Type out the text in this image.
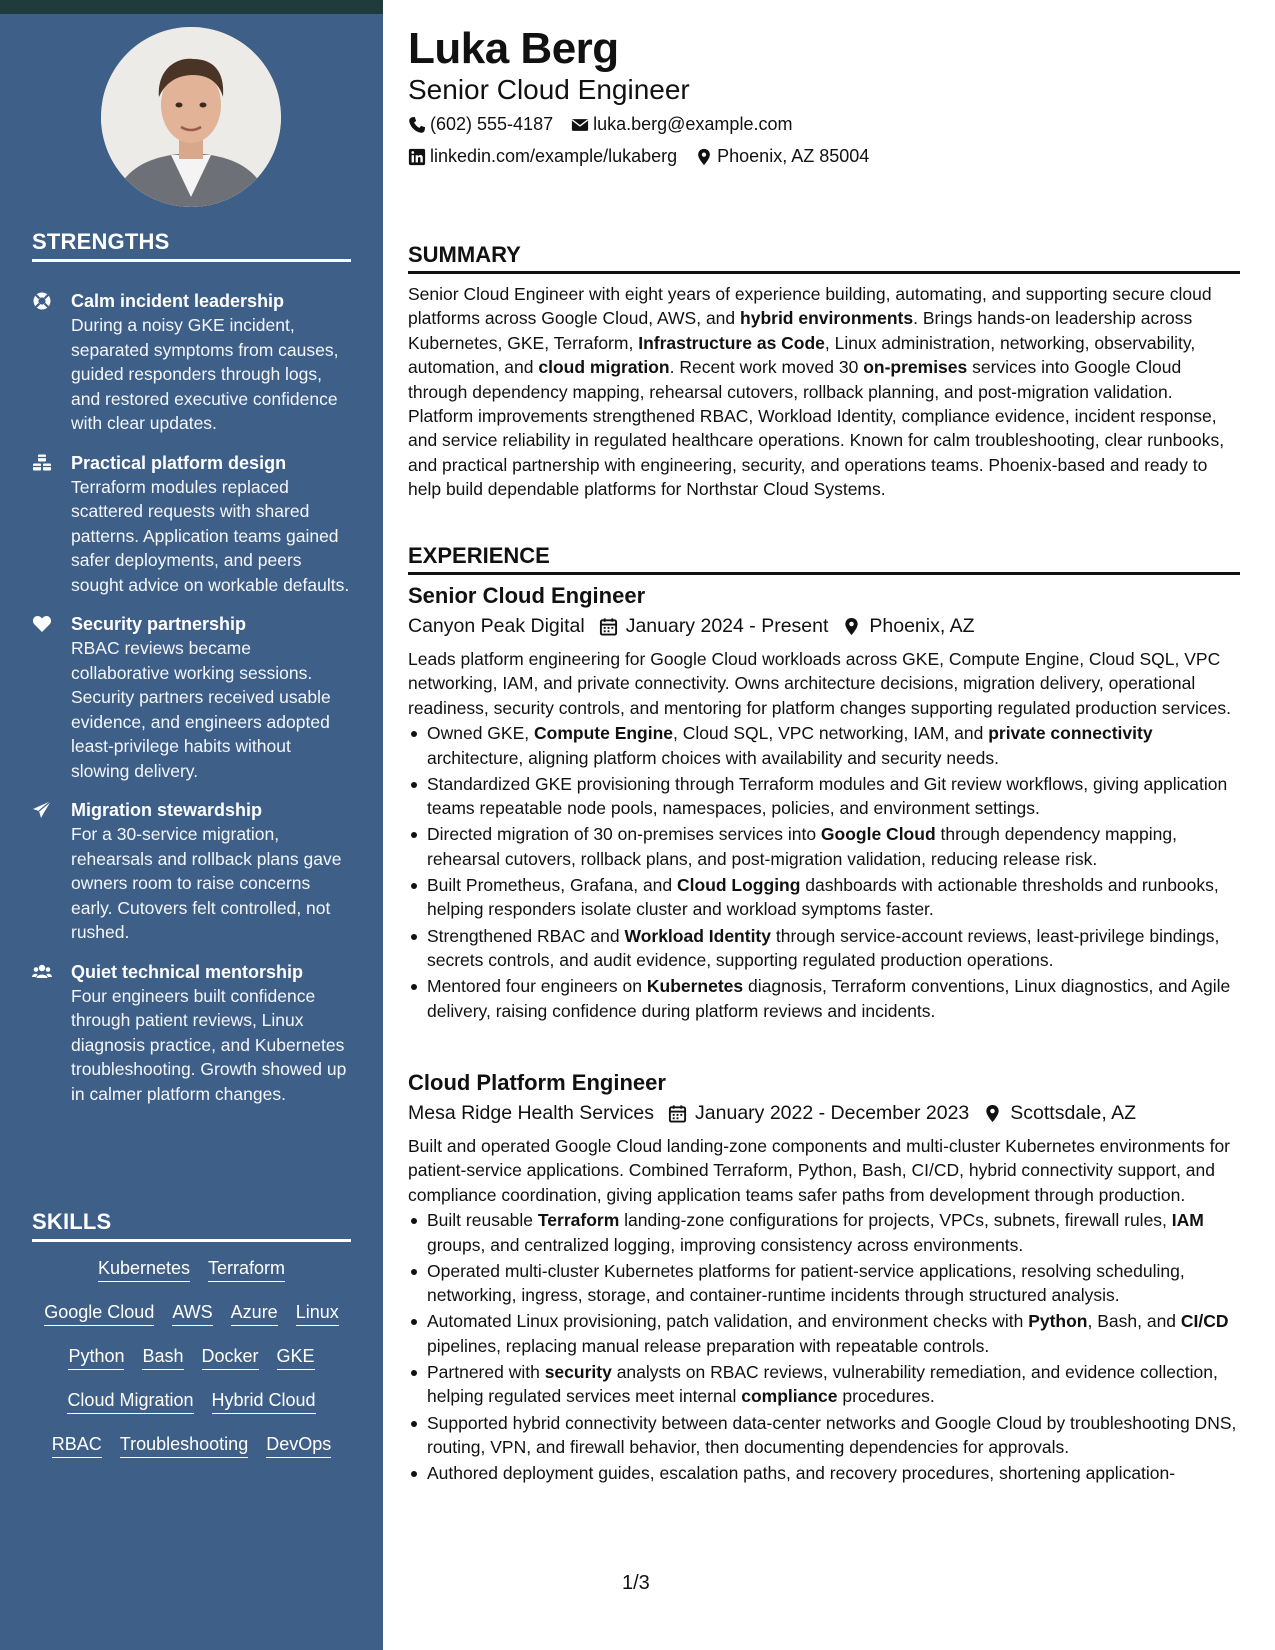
STRENGTHS
Calm incident leadership
During a noisy GKE incident, separated symptoms from causes, guided responders through logs, and restored executive confidence with clear updates.
Practical platform design
Terraform modules replaced scattered requests with shared patterns. Application teams gained safer deployments, and peers sought advice on workable defaults.
Security partnership
RBAC reviews became collaborative working sessions. Security partners received usable evidence, and engineers adopted least-privilege habits without slowing delivery.
Migration stewardship
For a 30-service migration, rehearsals and rollback plans gave owners room to raise concerns early. Cutovers felt controlled, not rushed.
Quiet technical mentorship
Four engineers built confidence through patient reviews, Linux diagnosis practice, and Kubernetes troubleshooting. Growth showed up in calmer platform changes.
SKILLS
Kubernetes Terraform
Google Cloud AWS Azure Linux
Python Bash Docker GKE
Cloud Migration Hybrid Cloud
RBAC Troubleshooting DevOps
Luka Berg
Senior Cloud Engineer
(602) 555-4187 luka.berg@example.com
linkedin.com/example/lukaberg Phoenix, AZ 85004
SUMMARY
Senior Cloud Engineer with eight years of experience building, automating, and supporting secure cloud platforms across Google Cloud, AWS, and hybrid environments. Brings hands-on leadership across Kubernetes, GKE, Terraform, Infrastructure as Code, Linux administration, networking, observability, automation, and cloud migration. Recent work moved 30 on-premises services into Google Cloud through dependency mapping, rehearsal cutovers, rollback planning, and post-migration validation. Platform improvements strengthened RBAC, Workload Identity, compliance evidence, incident response, and service reliability in regulated healthcare operations. Known for calm troubleshooting, clear runbooks, and practical partnership with engineering, security, and operations teams. Phoenix-based and ready to help build dependable platforms for Northstar Cloud Systems.
EXPERIENCE
Senior Cloud Engineer
Canyon Peak Digital January 2024 - Present Phoenix, AZ
Leads platform engineering for Google Cloud workloads across GKE, Compute Engine, Cloud SQL, VPC networking, IAM, and private connectivity. Owns architecture decisions, migration delivery, operational readiness, security controls, and mentoring for platform changes supporting regulated production services.
Owned GKE, Compute Engine, Cloud SQL, VPC networking, IAM, and private connectivity architecture, aligning platform choices with availability and security needs.
Standardized GKE provisioning through Terraform modules and Git review workflows, giving application teams repeatable node pools, namespaces, policies, and environment settings.
Directed migration of 30 on-premises services into Google Cloud through dependency mapping, rehearsal cutovers, rollback plans, and post-migration validation, reducing release risk.
Built Prometheus, Grafana, and Cloud Logging dashboards with actionable thresholds and runbooks, helping responders isolate cluster and workload symptoms faster.
Strengthened RBAC and Workload Identity through service-account reviews, least-privilege bindings, secrets controls, and audit evidence, supporting regulated production operations.
Mentored four engineers on Kubernetes diagnosis, Terraform conventions, Linux diagnostics, and Agile delivery, raising confidence during platform reviews and incidents.
Cloud Platform Engineer
Mesa Ridge Health Services January 2022 - December 2023 Scottsdale, AZ
Built and operated Google Cloud landing-zone components and multi-cluster Kubernetes environments for patient-service applications. Combined Terraform, Python, Bash, CI/CD, hybrid connectivity support, and compliance coordination, giving application teams safer paths from development through production.
Built reusable Terraform landing-zone configurations for projects, VPCs, subnets, firewall rules, IAM groups, and centralized logging, improving consistency across environments.
Operated multi-cluster Kubernetes platforms for patient-service applications, resolving scheduling, networking, ingress, storage, and container-runtime incidents through structured analysis.
Automated Linux provisioning, patch validation, and environment checks with Python, Bash, and CI/CD pipelines, replacing manual release preparation with repeatable controls.
Partnered with security analysts on RBAC reviews, vulnerability remediation, and evidence collection, helping regulated services meet internal compliance procedures.
Supported hybrid connectivity between data-center networks and Google Cloud by troubleshooting DNS, routing, VPN, and firewall behavior, then documenting dependencies for approvals.
Authored deployment guides, escalation paths, and recovery procedures, shortening application-
1/3
